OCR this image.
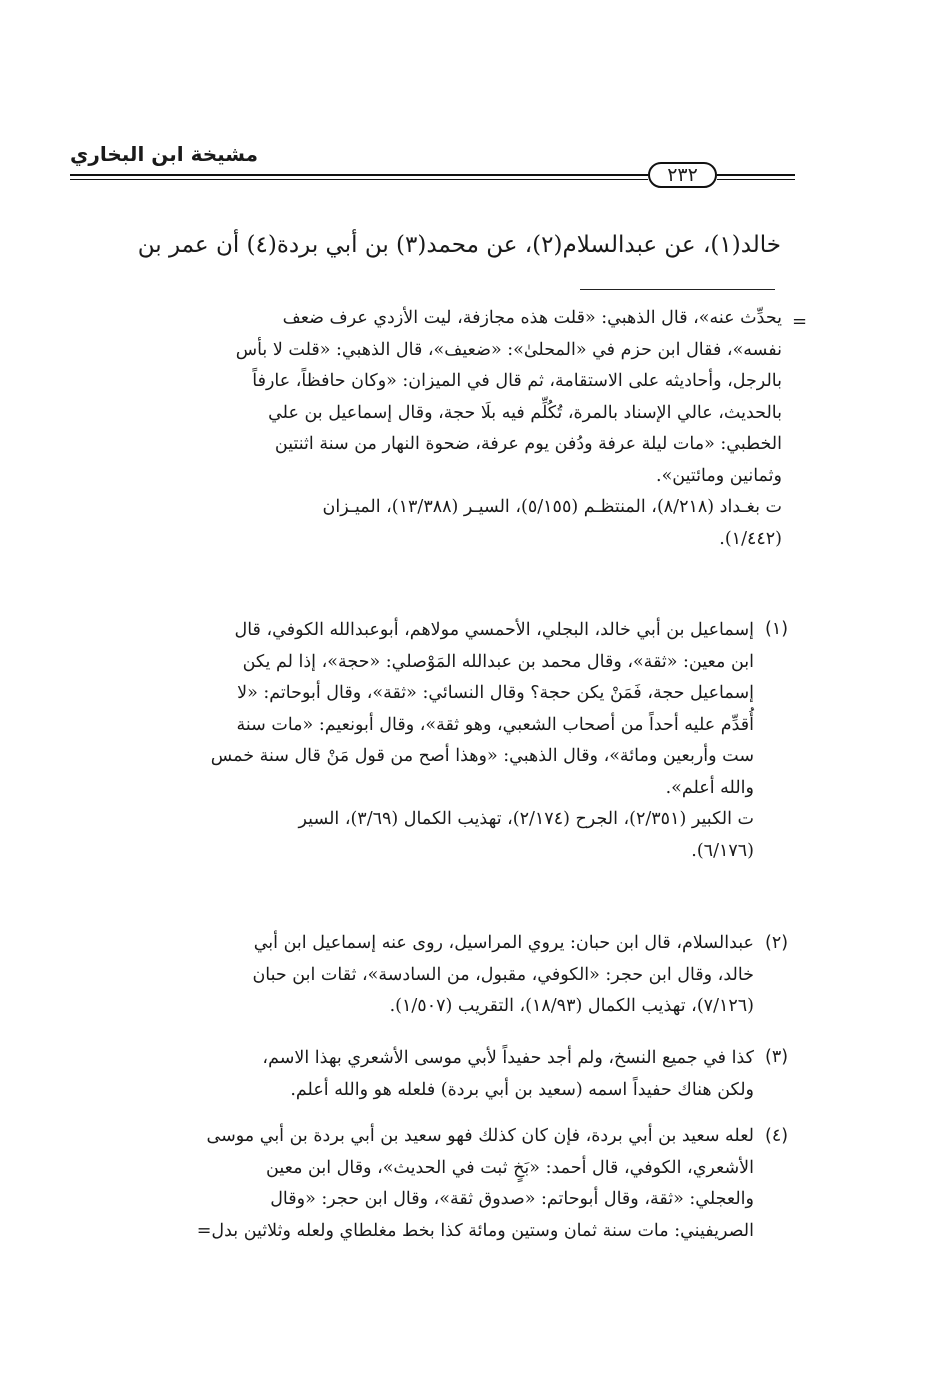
مشيخة ابن البخاري
٢٣٢
خالد(١)، عن عبدالسلام(٢)، عن محمد(٣) بن أبي بردة(٤) أن عمر بن
=

يحدِّث عنه»، قال الذهبي: «قلت هذه مجازفة، ليت الأزدي عرف ضعف

نفسه»، فقال ابن حزم في «المحلىٰ»: «ضعيف»، قال الذهبي: «قلت لا بأس

بالرجل، وأحاديثه على الاستقامة، ثم قال في الميزان: «وكان حافظاً، عارفاً

بالحديث، عالي الإسناد بالمرة، تُكُلِّم فيه بلَا حجة، وقال إسماعيل بن علي

الخطبي: «مات ليلة عرفة ودُفن يوم عرفة، ضحوة النهار من سنة اثنتين

وثمانين ومائتين».

ت بغـداد (٨/٢١٨)، المنتظـم (٥/١٥٥)، السيـر (١٣/٣٨٨)، الميـزان

(١/٤٤٢).

(١)

إسماعيل بن أبي خالد، البجلي، الأحمسي مولاهم، أبوعبدالله الكوفي، قال

ابن معين: «ثقة»، وقال محمد بن عبدالله المَوْصلي: «حجة»، إذا لم يكن

إسماعيل حجة، فَمَنْ يكن حجة؟ وقال النسائي: «ثقة»، وقال أبوحاتم: «لا

أُقدِّم عليه أحداً من أصحاب الشعبي، وهو ثقة»، وقال أبونعيم: «مات سنة

ست وأربعين ومائة»، وقال الذهبي: «وهذا أصح من قول مَنْ قال سنة خمس

والله أعلم».

ت الكبير (٢/٣٥١)، الجرح (٢/١٧٤)، تهذيب الكمال (٣/٦٩)، السير

(٦/١٧٦).

(٢)

عبدالسلام، قال ابن حبان: يروي المراسيل، روى عنه إسماعيل ابن أبي

خالد، وقال ابن حجر: «الكوفي، مقبول، من السادسة»، ثقات ابن حبان

(٧/١٢٦)، تهذيب الكمال (١٨/٩٣)، التقريب (١/٥٠٧).

(٣)

كذا في جميع النسخ، ولم أجد حفيداً لأبي موسى الأشعري بهذا الاسم،

ولكن هناك حفيداً اسمه (سعيد بن أبي بردة) فلعله هو والله أعلم.

(٤)

لعله سعيد بن أبي بردة، فإن كان كذلك فهو سعيد بن أبي بردة بن أبي موسى

الأشعري، الكوفي، قال أحمد: «بَخٍ ثبت في الحديث»، وقال ابن معين

والعجلي: «ثقة، وقال أبوحاتم: «صدوق ثقة»، وقال ابن حجر: «وقال

الصريفيني: مات سنة ثمان وستين ومائة كذا بخط مغلطاي ولعله وثلاثين بدل=
